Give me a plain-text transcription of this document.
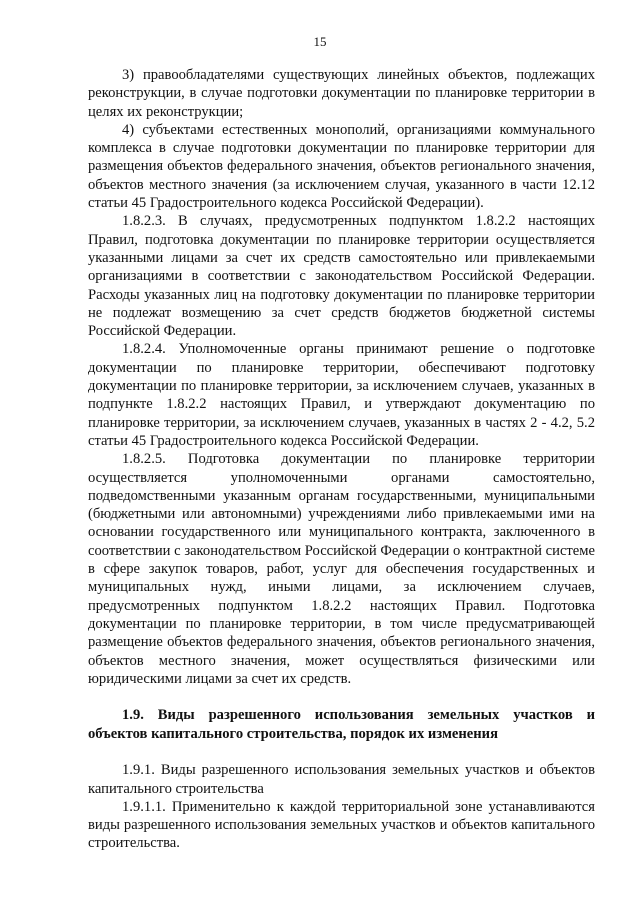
15

3) правообладателями существующих линейных объектов, подлежащих реконструкции, в случае подготовки документации по планировке территории в целях их реконструкции;

4) субъектами естественных монополий, организациями коммунального комплекса в случае подготовки документации по планировке территории для размещения объектов федерального значения, объектов регионального значения, объектов местного значения (за исключением случая, указанного в части 12.12 статьи 45 Градостроительного кодекса Российской Федерации).

1.8.2.3. В случаях, предусмотренных подпунктом 1.8.2.2 настоящих Правил, подготовка документации по планировке территории осуществляется указанными лицами за счет их средств самостоятельно или привлекаемыми организациями в соответствии с законодательством Российской Федерации. Расходы указанных лиц на подготовку документации по планировке территории не подлежат возмещению за счет средств бюджетов бюджетной системы Российской Федерации.

1.8.2.4. Уполномоченные органы принимают решение о подготовке документации по планировке территории, обеспечивают подготовку документации по планировке территории, за исключением случаев, указанных в подпункте 1.8.2.2 настоящих Правил, и утверждают документацию по планировке территории, за исключением случаев, указанных в частях 2 - 4.2, 5.2 статьи 45 Градостроительного кодекса Российской Федерации.

1.8.2.5. Подготовка документации по планировке территории осуществляется уполномоченными органами самостоятельно, подведомственными указанным органам государственными, муниципальными (бюджетными или автономными) учреждениями либо привлекаемыми ими на основании государственного или муниципального контракта, заключенного в соответствии с законодательством Российской Федерации о контрактной системе в сфере закупок товаров, работ, услуг для обеспечения государственных и муниципальных нужд, иными лицами, за исключением случаев, предусмотренных подпунктом 1.8.2.2 настоящих Правил. Подготовка документации по планировке территории, в том числе предусматривающей размещение объектов федерального значения, объектов регионального значения, объектов местного значения, может осуществляться физическими или юридическими лицами за счет их средств.

1.9. Виды разрешенного использования земельных участков и объектов капитального строительства, порядок их изменения

1.9.1. Виды разрешенного использования земельных участков и объектов капитального строительства

1.9.1.1. Применительно к каждой территориальной зоне устанавливаются виды разрешенного использования земельных участков и объектов капитального строительства.
